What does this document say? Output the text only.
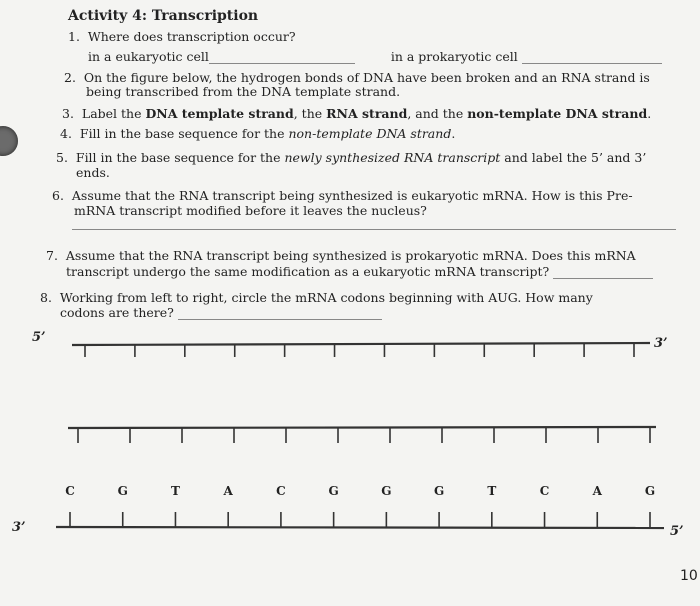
Activity 4: Transcription
1. Where does transcription occur?
in a eukaryotic cell	in a prokaryotic cell
2. On the figure below, the hydrogen bonds of DNA have been broken and an RNA strand is
being transcribed from the DNA template strand.
3. Label the DNA template strand, the RNA strand, and the non-template DNA strand.
4. Fill in the base sequence for the non-template DNA strand.
5. Fill in the base sequence for the newly synthesized RNA transcript and label the 5’ and 3’
ends.
6. Assume that the RNA transcript being synthesized is eukaryotic mRNA. How is this Pre-
mRNA transcript modified before it leaves the nucleus?
7. Assume that the RNA transcript being synthesized is prokaryotic mRNA. Does this mRNA
transcript undergo the same modification as a eukaryotic mRNA transcript?
8. Working from left to right, circle the mRNA codons beginning with AUG. How many
codons are there?
5’	3’
3’	5’
C	G	T	A	C	G	G	G	T	C	A	G
10
